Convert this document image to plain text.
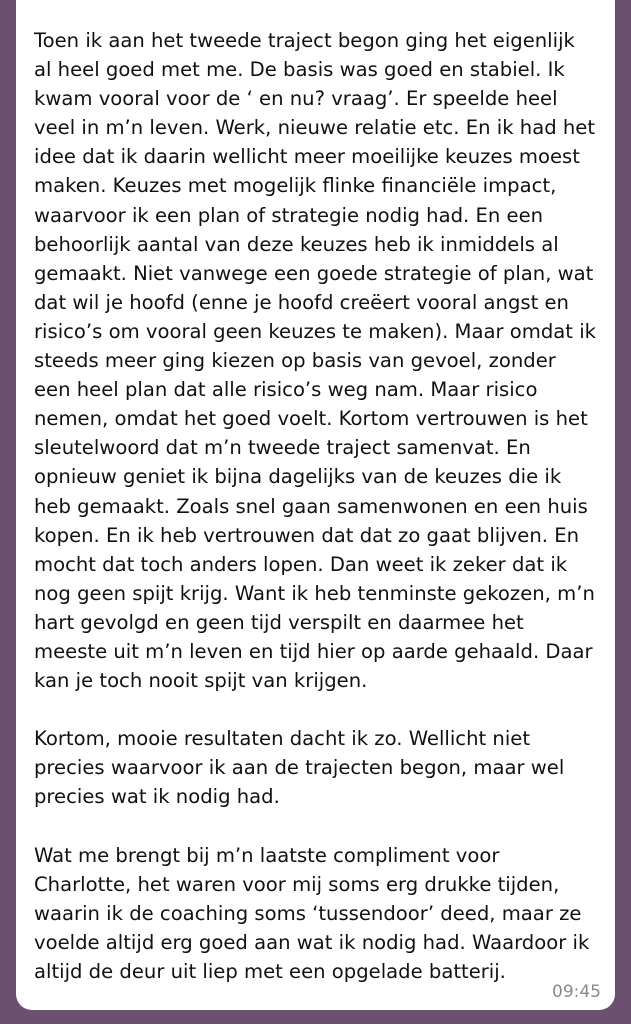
Toen ik aan het tweede traject begon ging het eigenlijk al heel goed met me. De basis was goed en stabiel. Ik kwam vooral voor de ‘ en nu? vraag’. Er speelde heel veel in m’n leven. Werk, nieuwe relatie etc. En ik had het idee dat ik daarin wellicht meer moeilijke keuzes moest maken. Keuzes met mogelijk flinke financiële impact, waarvoor ik een plan of strategie nodig had. En een behoorlijk aantal van deze keuzes heb ik inmiddels al gemaakt. Niet vanwege een goede strategie of plan, wat dat wil je hoofd (enne je hoofd creëert vooral angst en risico’s om vooral geen keuzes te maken). Maar omdat ik steeds meer ging kiezen op basis van gevoel, zonder een heel plan dat alle risico’s weg nam. Maar risico nemen, omdat het goed voelt. Kortom vertrouwen is het sleutelwoord dat m’n tweede traject samenvat. En opnieuw geniet ik bijna dagelijks van de keuzes die ik heb gemaakt. Zoals snel gaan samenwonen en een huis kopen. En ik heb vertrouwen dat dat zo gaat blijven. En mocht dat toch anders lopen. Dan weet ik zeker dat ik nog geen spijt krijg. Want ik heb tenminste gekozen, m’n hart gevolgd en geen tijd verspilt en daarmee het meeste uit m’n leven en tijd hier op aarde gehaald. Daar kan je toch nooit spijt van krijgen.

Kortom, mooie resultaten dacht ik zo. Wellicht niet precies waarvoor ik aan de trajecten begon, maar wel precies wat ik nodig had.

Wat me brengt bij m’n laatste compliment voor Charlotte, het waren voor mij soms erg drukke tijden, waarin ik de coaching soms ‘tussendoor’ deed, maar ze voelde altijd erg goed aan wat ik nodig had. Waardoor ik altijd de deur uit liep met een opgelade batterij.

09:45
